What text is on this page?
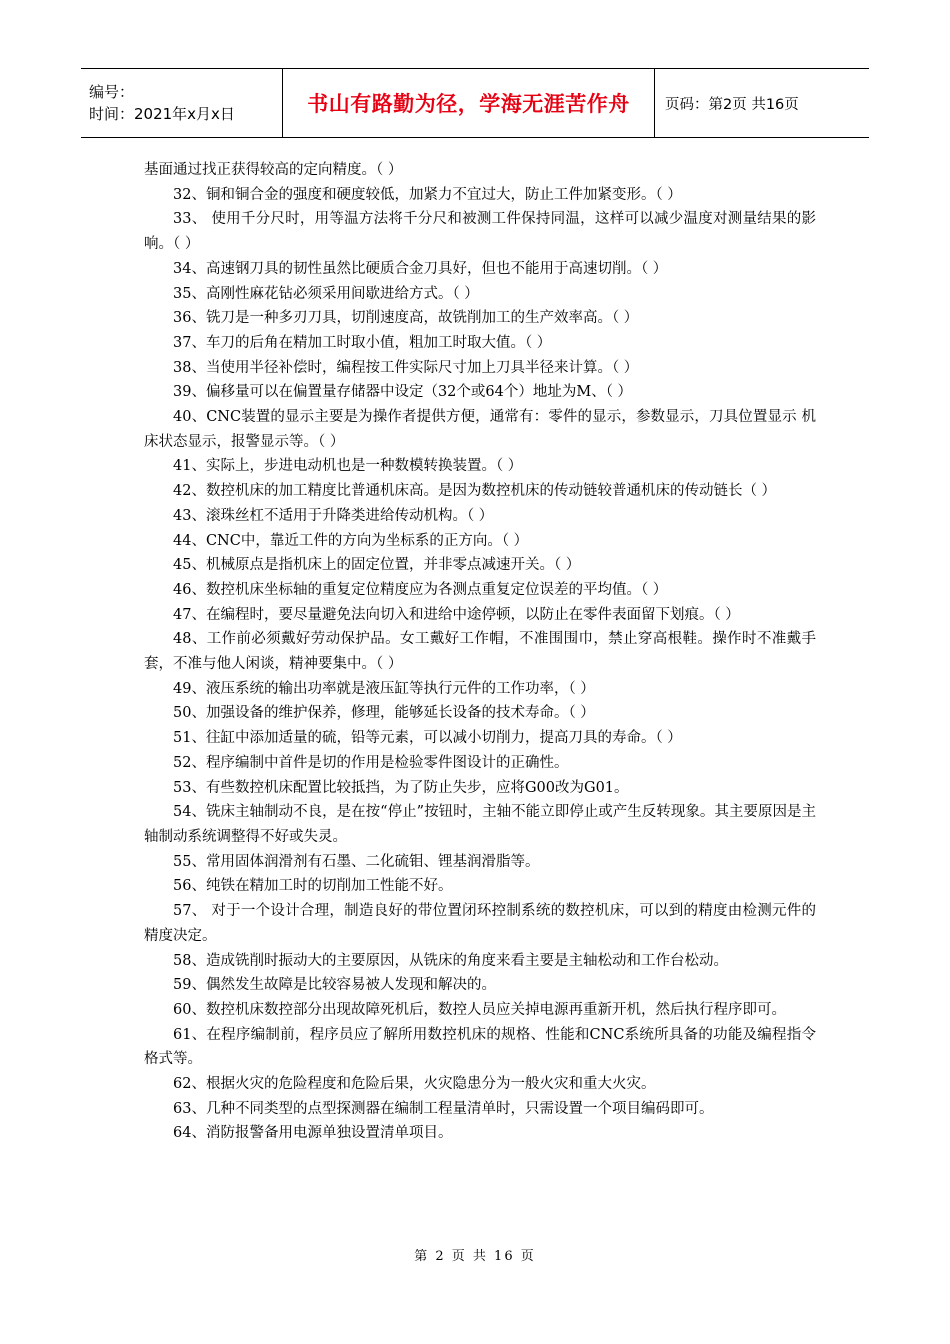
编号：
时间：2021年x月x日	书山有路勤为径，学海无涯苦作舟	页码：第2页 共16页

基面通过找正获得较高的定向精度。（ ）

32、铜和铜合金的强度和硬度较低，加紧力不宜过大，防止工件加紧变形。（ ）

33、 使用千分尺时，用等温方法将千分尺和被测工件保持同温，这样可以减少温度对测量结果的影响。（ ）

34、高速钢刀具的韧性虽然比硬质合金刀具好，但也不能用于高速切削。（ ）

35、高刚性麻花钻必须采用间歇进给方式。（ ）

36、铣刀是一种多刃刀具，切削速度高，故铣削加工的生产效率高。（ ）

37、车刀的后角在精加工时取小值，粗加工时取大值。（ ）

38、当使用半径补偿时，编程按工件实际尺寸加上刀具半径来计算。（ ）

39、偏移量可以在偏置量存储器中设定（32个或64个）地址为M、（ ）

40、CNC装置的显示主要是为操作者提供方便，通常有：零件的显示，参数显示，刀具位置显示 机床状态显示，报警显示等。（ ）

41、实际上，步进电动机也是一种数模转换装置。（ ）

42、数控机床的加工精度比普通机床高。是因为数控机床的传动链较普通机床的传动链长（ ）

43、滚珠丝杠不适用于升降类进给传动机构。（ ）

44、CNC中，靠近工件的方向为坐标系的正方向。（ ）

45、机械原点是指机床上的固定位置，并非零点减速开关。（ ）

46、数控机床坐标轴的重复定位精度应为各测点重复定位误差的平均值。（ ）

47、在编程时，要尽量避免法向切入和进给中途停顿，以防止在零件表面留下划痕。（ ）

48、工作前必须戴好劳动保护品。女工戴好工作帽，不准围围巾，禁止穿高根鞋。操作时不准戴手套，不准与他人闲谈，精神要集中。（ ）

49、液压系统的输出功率就是液压缸等执行元件的工作功率，（ ）

50、加强设备的维护保养，修理，能够延长设备的技术寿命。（ ）

51、往缸中添加适量的硫，铅等元素，可以减小切削力，提高刀具的寿命。（ ）

52、程序编制中首件是切的作用是检验零件图设计的正确性。

53、有些数控机床配置比较抵挡，为了防止失步，应将G00改为G01。

54、铣床主轴制动不良，是在按“停止”按钮时，主轴不能立即停止或产生反转现象。其主要原因是主轴制动系统调整得不好或失灵。

55、常用固体润滑剂有石墨、二化硫钼、锂基润滑脂等。

56、纯铁在精加工时的切削加工性能不好。

57、 对于一个设计合理，制造良好的带位置闭环控制系统的数控机床，可以到的精度由检测元件的精度决定。

58、造成铣削时振动大的主要原因，从铣床的角度来看主要是主轴松动和工作台松动。

59、偶然发生故障是比较容易被人发现和解决的。

60、数控机床数控部分出现故障死机后，数控人员应关掉电源再重新开机，然后执行程序即可。

61、在程序编制前，程序员应了解所用数控机床的规格、性能和CNC系统所具备的功能及编程指令格式等。

62、根据火灾的危险程度和危险后果，火灾隐患分为一般火灾和重大火灾。

63、几种不同类型的点型探测器在编制工程量清单时，只需设置一个项目编码即可。

64、消防报警备用电源单独设置清单项目。

第 2 页 共 16 页
